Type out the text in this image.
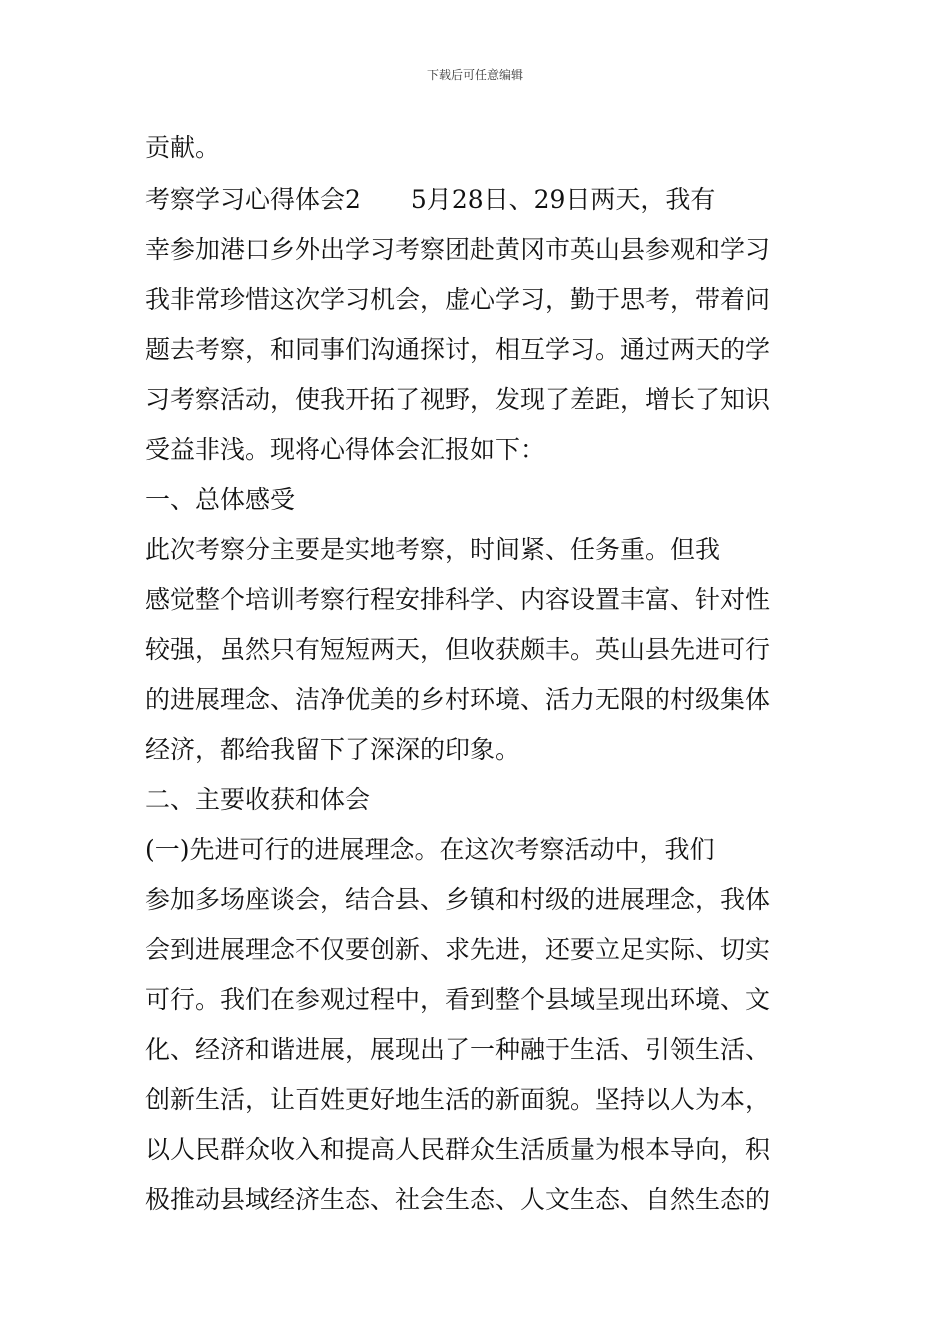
下载后可任意编辑
贡献。
考察学习心得体会2　　5月28日、29日两天，我有
幸参加港口乡外出学习考察团赴黄冈市英山县参观和学习
我非常珍惜这次学习机会，虚心学习，勤于思考，带着问
题去考察，和同事们沟通探讨，相互学习。通过两天的学
习考察活动，使我开拓了视野，发现了差距，增长了知识
受益非浅。现将心得体会汇报如下：
一、总体感受
此次考察分主要是实地考察，时间紧、任务重。但我
感觉整个培训考察行程安排科学、内容设置丰富、针对性
较强，虽然只有短短两天，但收获颇丰。英山县先进可行
的进展理念、洁净优美的乡村环境、活力无限的村级集体
经济，都给我留下了深深的印象。
二、主要收获和体会
(一)先进可行的进展理念。在这次考察活动中，我们
参加多场座谈会，结合县、乡镇和村级的进展理念，我体
会到进展理念不仅要创新、求先进，还要立足实际、切实
可行。我们在参观过程中，看到整个县域呈现出环境、文
化、经济和谐进展，展现出了一种融于生活、引领生活、
创新生活，让百姓更好地生活的新面貌。坚持以人为本，
以人民群众收入和提高人民群众生活质量为根本导向，积
极推动县域经济生态、社会生态、人文生态、自然生态的
